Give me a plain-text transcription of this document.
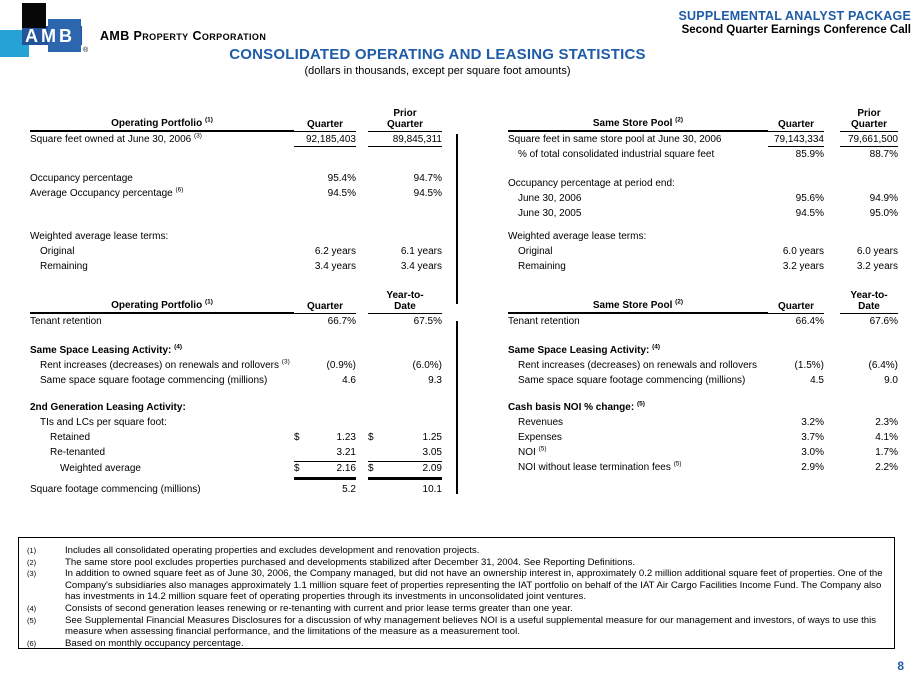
AMB
®
AMB Property Corporation
SUPPLEMENTAL ANALYST PACKAGE
Second Quarter Earnings Conference Call
CONSOLIDATED OPERATING AND LEASING STATISTICS
(dollars in thousands, except per square foot amounts)
Operating Portfolio $^{(1)}$	Quarter
Prior
Quarter
Square feet owned at June 30, 2006 $^{(3)}$	92,185,403	89,845,311
Occupancy percentage	95.4%	94.7%
Average Occupancy percentage $^{(6)}$	94.5%	94.5%
Weighted average lease terms:
Original	6.2 years	6.1 years
Remaining	3.4 years	3.4 years
Operating Portfolio $^{(1)}$	Quarter
Year-to-
Date
Tenant retention	66.7%	67.5%
Same Space Leasing Activity: $^{(4)}$
Rent increases (decreases) on renewals and rollovers $^{(3)}$	(0.9%)	(6.0%)
Same space square footage commencing (millions)	4.6	9.3
2nd Generation Leasing Activity:
TIs and LCs per square foot:
Retained	$	1.23 $	1.25
Re-tenanted	3.21	3.05
Weighted average	$	2.16 $	2.09
Square footage commencing (millions)	5.2	10.1
Same Store Pool $^{(2)}$	Quarter
Prior
Quarter
Square feet in same store pool at June 30, 2006	79,143,334 79,661,500
% of total consolidated industrial square feet	85.9%	88.7%
Occupancy percentage at period end:
June 30, 2006	95.6%	94.9%
June 30, 2005	94.5%	95.0%
Weighted average lease terms:
Original	6.0 years	6.0 years
Remaining	3.2 years	3.2 years
Same Store Pool $^{(2)}$	Quarter
Year-to-
Date
Tenant retention	66.4%	67.6%
Same Space Leasing Activity: $^{(4)}$
Rent increases (decreases) on renewals and rollovers	(1.5%)	(6.4%)
Same space square footage commencing (millions)	4.5	9.0
Cash basis NOI % change: $^{(5)}$
Revenues	3.2%	2.3%
Expenses	3.7%	4.1%
NOI $^{(5)}$	3.0%	1.7%
NOI without lease termination fees $^{(5)}$	2.9%	2.2%
(1)	Includes all consolidated operating properties and excludes development and renovation projects.
(2)	The same store pool excludes properties purchased and developments stabilized after December 31, 2004. See Reporting Definitions.
(3)	In addition to owned square feet as of June 30, 2006, the Company managed, but did not have an ownership interest in, approximately 0.2 million additional square feet of properties. One of the Company's subsidiaries also manages approximately 1.1 million square feet of properties representing the IAT portfolio on behalf of the IAT Air Cargo Facilities Income Fund. The Company also has investments in 14.2 million square feet of operating properties through its investments in unconsolidated joint ventures.
(4)	Consists of second generation leases renewing or re-tenanting with current and prior lease terms greater than one year.
(5)	See Supplemental Financial Measures Disclosures for a discussion of why management believes NOI is a useful supplemental measure for our management and investors, of ways to use this measure when assessing financial performance, and the limitations of the measure as a measurement tool.
(6)	Based on monthly occupancy percentage.
8
